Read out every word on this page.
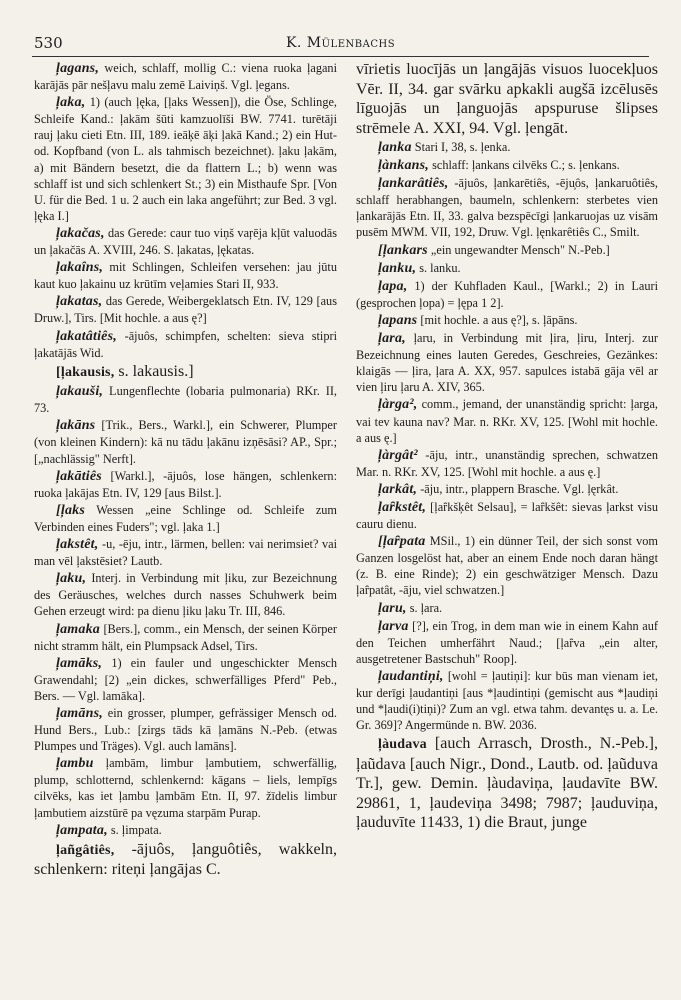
530	K. Mülenbachs

ļagans, weich, schlaff, mollig C.: viena ruoka ļagani karājās pār nešļavu malu zemē Laiviņš. Vgl. ļegans.

ļaka, 1) (auch ļęka, [ļaks Wessen]), die Öse, Schlinge, Schleife Kand.: ļakām šūti kamzuolīši BW. 7741. turētāji rauj ļaku cieti Etn. III, 189. ieāķē āķi ļakā Kand.; 2) ein Hut- od. Kopfband (von L. als tahmisch bezeichnet). ļaku ļakām, a) mit Bändern besetzt, die da flattern L.; b) wenn was schlaff ist und sich schlenkert St.; 3) ein Misthaufe Spr. [Von U. für die Bed. 1 u. 2 auch ein laka angeführt; zur Bed. 3 vgl. ļęka I.]

ļakačas, das Gerede: caur tuo viņš vaŗēja kļūt valuodās un ļakačās A. XVIII, 246. S. ļakatas, ļękatas.

ļakaîns, mit Schlingen, Schleifen versehen: jau jūtu kaut kuo ļakainu uz krūtīm veļamies Stari II, 933.

ļakatas, das Gerede, Weibergeklatsch Etn. IV, 129 [aus Druw.], Tirs. [Mit hochle. a aus ę?]

ļakatâtiês, -ājuôs, schimpfen, schelten: sieva stipri ļakatājās Wid.

[ļakausis, s. lakausis.]

ļakauši, Lungenflechte (lobaria pulmonaria) RKr. II, 73.

ļakāns [Trik., Bers., Warkl.], ein Schwerer, Plumper (von kleinen Kindern): kā nu tādu ļakānu izņēsāsi? AP., Spr.; [„nachlässig" Nerft].

ļakātiês [Warkl.], -ājuôs, lose hängen, schlenkern: ruoka ļakājas Etn. IV, 129 [aus Bilst.].

[ļaks Wessen „eine Schlinge od. Schleife zum Verbinden eines Fuders"; vgl. ļaka 1.]

ļakstêt, -u, -ēju, intr., lärmen, bellen: vai nerimsiet? vai man vēl ļakstēsiet? Lautb.

ļaku, Interj. in Verbindung mit ļiku, zur Bezeichnung des Geräusches, welches durch nasses Schuhwerk beim Gehen erzeugt wird: pa dienu ļiku ļaku Tr. III, 846.

ļamaka [Bers.], comm., ein Mensch, der seinen Körper nicht stramm hält, ein Plumpsack Adsel, Tirs.

ļamāks, 1) ein fauler und ungeschickter Mensch Grawendahl; [2) „ein dickes, schwerfälliges Pferd" Peb., Bers. — Vgl. lamāka].

ļamāns, ein grosser, plumper, gefrässiger Mensch od. Hund Bers., Lub.: [zirgs tāds kā ļamāns N.-Peb. (etwas Plumpes und Träges). Vgl. auch lamāns].

ļambu ļambām, limbur ļambutiem, schwerfällig, plump, schlotternd, schlenkernd: kāgans – liels, lempīgs cilvēks, kas iet ļambu ļambām Etn. II, 97. žīdelis limbur ļambutiem aizstūrē pa vęzuma starpām Purap.

ļampata, s. ļimpata.

ļañgâtiês, -ājuôs, ļanguôtiês, wakkeln, schlenkern: riteņi ļangājas C.

vīrietis luocījās un ļangājās visuos luocekļuos Vēr. II, 34. gar svārku apkakli augšā izcēlusēs līguojās un ļanguojās apspuruse šlipses strēmele A. XXI, 94. Vgl. ļengāt.

ļanka Stari I, 38, s. ļenka.

ļànkans, schlaff: ļankans cilvēks C.; s. ļenkans.

ļankarâtiês, -ājuôs, ļankarētiês, -ēju̦ôs, ļankaruôtiês, schlaff herabhangen, baumeln, schlenkern: sterbetes vien ļankarājās Etn. II, 33. galva bezspēcīgi ļankaruojas uz visām pusēm MWM. VII, 192, Druw. Vgl. ļęnkarêtiês C., Smilt.

[ļankars „ein ungewandter Mensch" N.-Peb.]

ļanku, s. lanku.

ļapa, 1) der Kuhfladen Kaul., [Warkl.; 2) in Lauri (gesprochen ļopa) = ļępa 1 2].

ļapans [mit hochle. a aus ę?], s. ļāpāns.

ļara, ļaru, in Verbindung mit ļira, ļiru, Interj. zur Bezeichnung eines lauten Geredes, Geschreies, Gezänkes: klaigās — ļira, ļara A. XX, 957. sapulces istabā gāja vēl ar vien ļiru ļaru A. XIV, 365.

ļàrga², comm., jemand, der unanständig spricht: ļarga, vai tev kauna nav? Mar. n. RKr. XV, 125. [Wohl mit hochle. a aus ę.]

ļàrgât² -āju, intr., unanständig sprechen, schwatzen Mar. n. RKr. XV, 125. [Wohl mit hochle. a aus ę.]

ļarkât, -āju, intr., plappern Brasche. Vgl. ļęrkât.

ļaȓkstêt, [ļaȓkšķêt Selsau], = laȓkšêt: sievas ļarkst visu cauru dienu.

[ļaȓpata MSil., 1) ein dünner Teil, der sich sonst vom Ganzen losgelöst hat, aber an einem Ende noch daran hängt (z. B. eine Rinde); 2) ein geschwätziger Mensch. Dazu ļaȓpatât, -āju, viel schwatzen.]

ļaru, s. ļara.

ļarva [?], ein Trog, in dem man wie in einem Kahn auf den Teichen umherfährt Naud.; [ļaȓva „ein alter, ausgetretener Bastschuh" Roop].

ļaudantiņi, [wohl = ļautiņi]: kur būs man vienam iet, kur derīgi ļaudantiņi [aus *ļaudintiņi (gemischt aus *ļaudiņi und *ļaudi(i)tiņi)? Zum an vgl. etwa tahm. devantęs u. a. Le. Gr. 369]? Angermünde n. BW. 2036.

ļàudava [auch Arrasch, Drosth., N.-Peb.], ļaũdava [auch Nigr., Dond., Lautb. od. ļaũduva Tr.], gew. Demin. ļàudaviņa, ļaudavīte BW. 29861, 1, ļaudeviņa 3498; 7987; ļauduviņa, ļauduvīte 11433, 1) die Braut, junge
